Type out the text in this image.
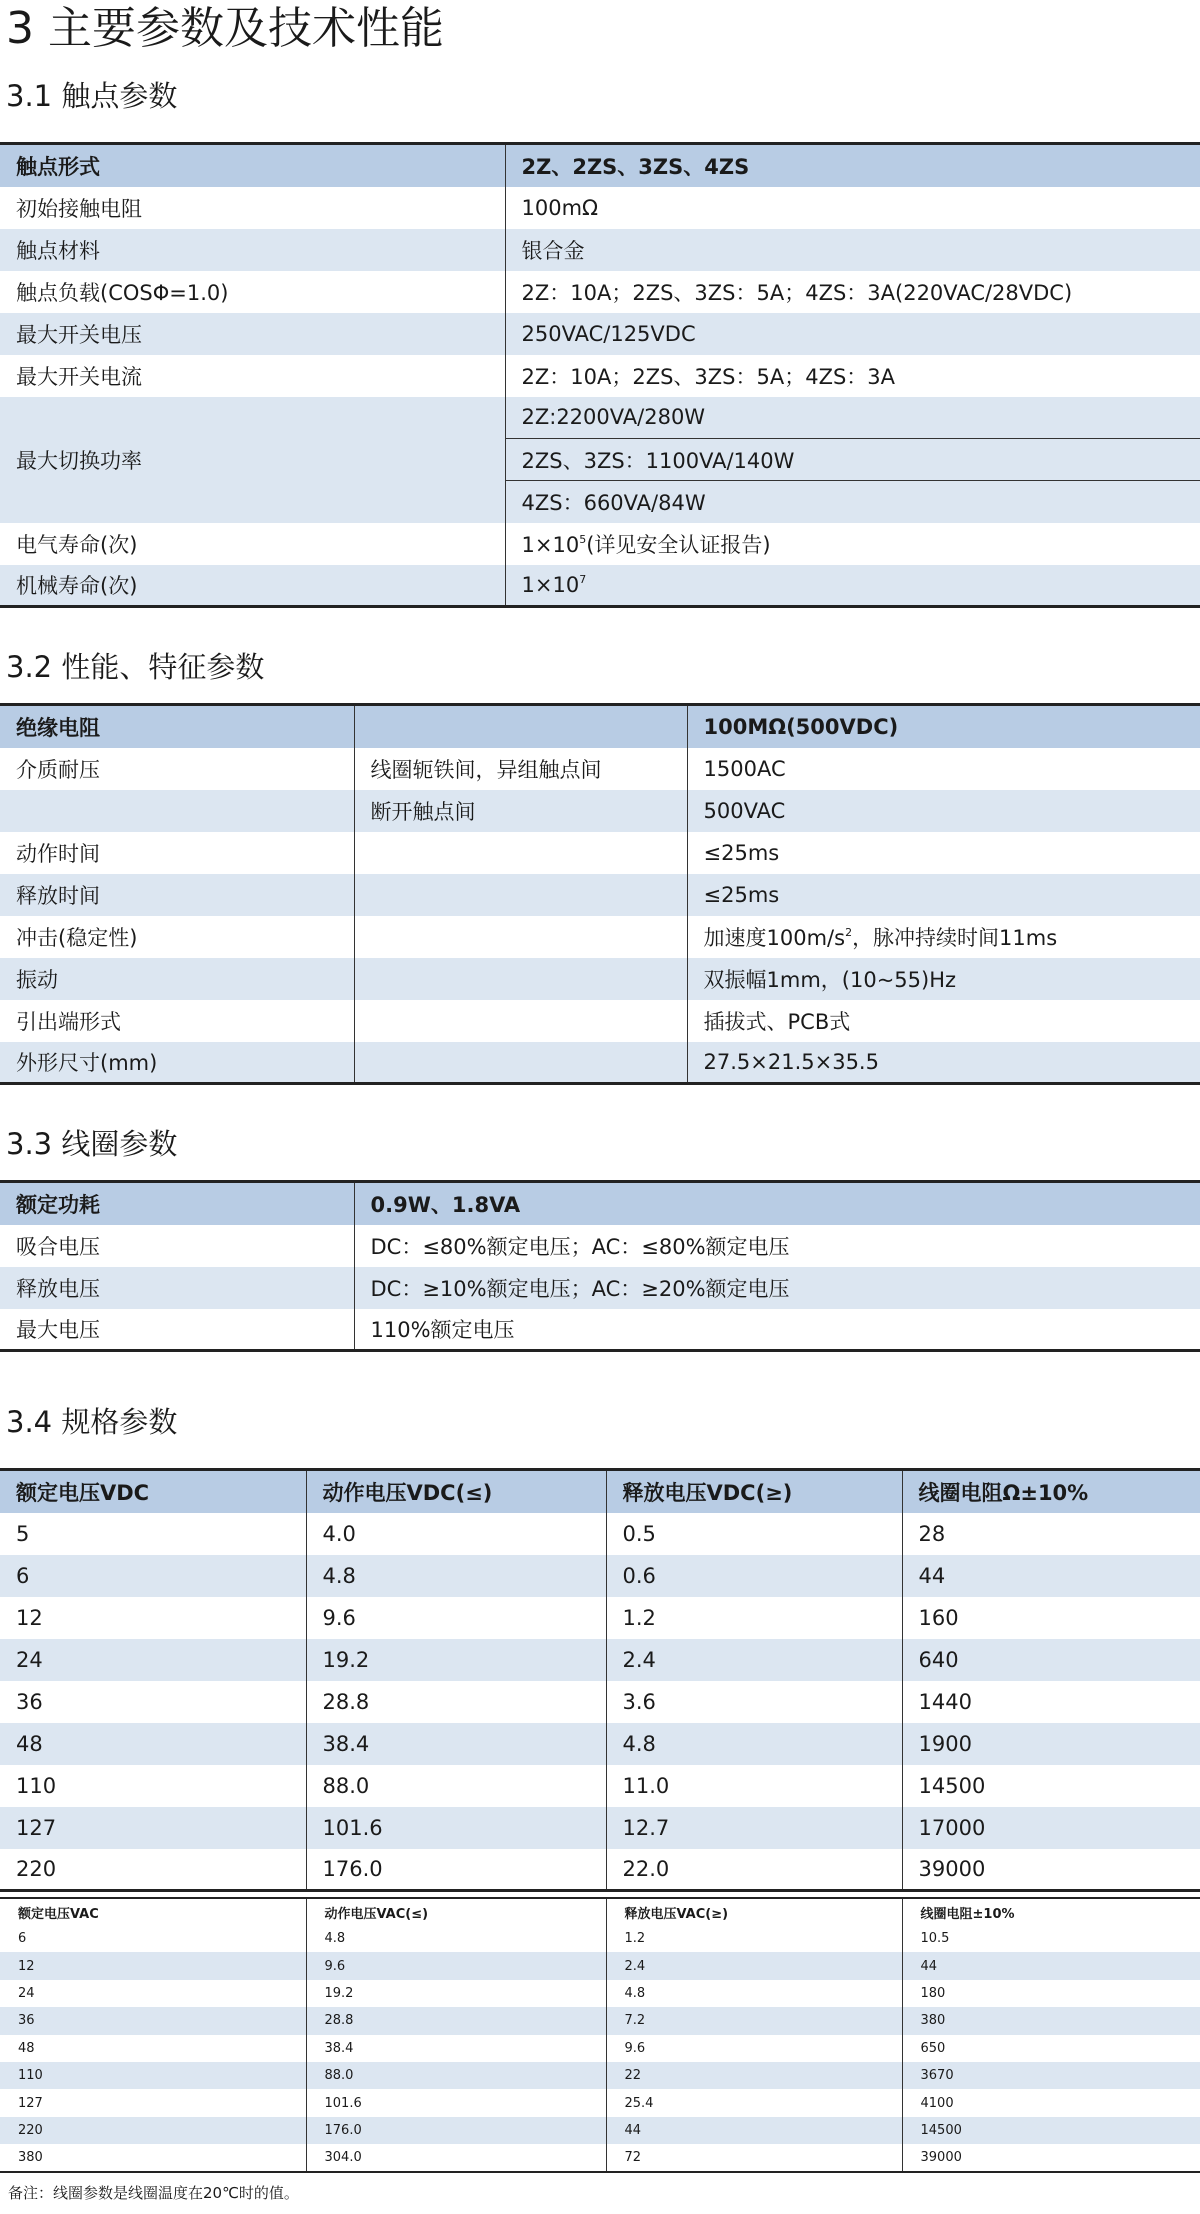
3 主要参数及技术性能
3.1 触点参数
触点形式	2Z、2ZS、3ZS、4ZS
初始接触电阻	100mΩ
触点材料	银合金
触点负载(COSΦ=1.0)	2Z：10A；2ZS、3ZS：5A；4ZS：3A(220VAC/28VDC)
最大开关电压	250VAC/125VDC
最大开关电流	2Z：10A；2ZS、3ZS：5A；4ZS：3A
最大切换功率	2Z:2200VA/280W
	2ZS、3ZS：1100VA/140W
	4ZS：660VA/84W
电气寿命(次)	$1\times 10^5$(详见安全认证报告)
机械寿命(次)	$1\times 10^7$
3.2 性能、特征参数
绝缘电阻		100MΩ(500VDC)
介质耐压	线圈轭铁间，异组触点间	1500AC
	断开触点间	500VAC
动作时间		≤25ms
释放时间		≤25ms
冲击(稳定性)		加速度$100m/s^2$，脉冲持续时间11ms
振动		双振幅1mm，(10~55)Hz
引出端形式		插拔式、PCB式
外形尺寸(mm)		27.5×21.5×35.5
3.3 线圈参数
额定功耗	0.9W、1.8VA
吸合电压	DC：≤80%额定电压；AC：≤80%额定电压
释放电压	DC：≥10%额定电压；AC：≥20%额定电压
最大电压	110%额定电压
3.4 规格参数
额定电压VDC	动作电压VDC(≤)	释放电压VDC(≥)	线圈电阻Ω±10%
5	4.0	0.5	28
6	4.8	0.6	44
12	9.6	1.2	160
24	19.2	2.4	640
36	28.8	3.6	1440
48	38.4	4.8	1900
110	88.0	11.0	14500
127	101.6	12.7	17000
220	176.0	22.0	39000
额定电压VAC	动作电压VAC(≤)	释放电压VAC(≥)	线圈电阻±10%
6	4.8	1.2	10.5
12	9.6	2.4	44
24	19.2	4.8	180
36	28.8	7.2	380
48	38.4	9.6	650
110	88.0	22	3670
127	101.6	25.4	4100
220	176.0	44	14500
380	304.0	72	39000
备注：线圈参数是线圈温度在20℃时的值。
